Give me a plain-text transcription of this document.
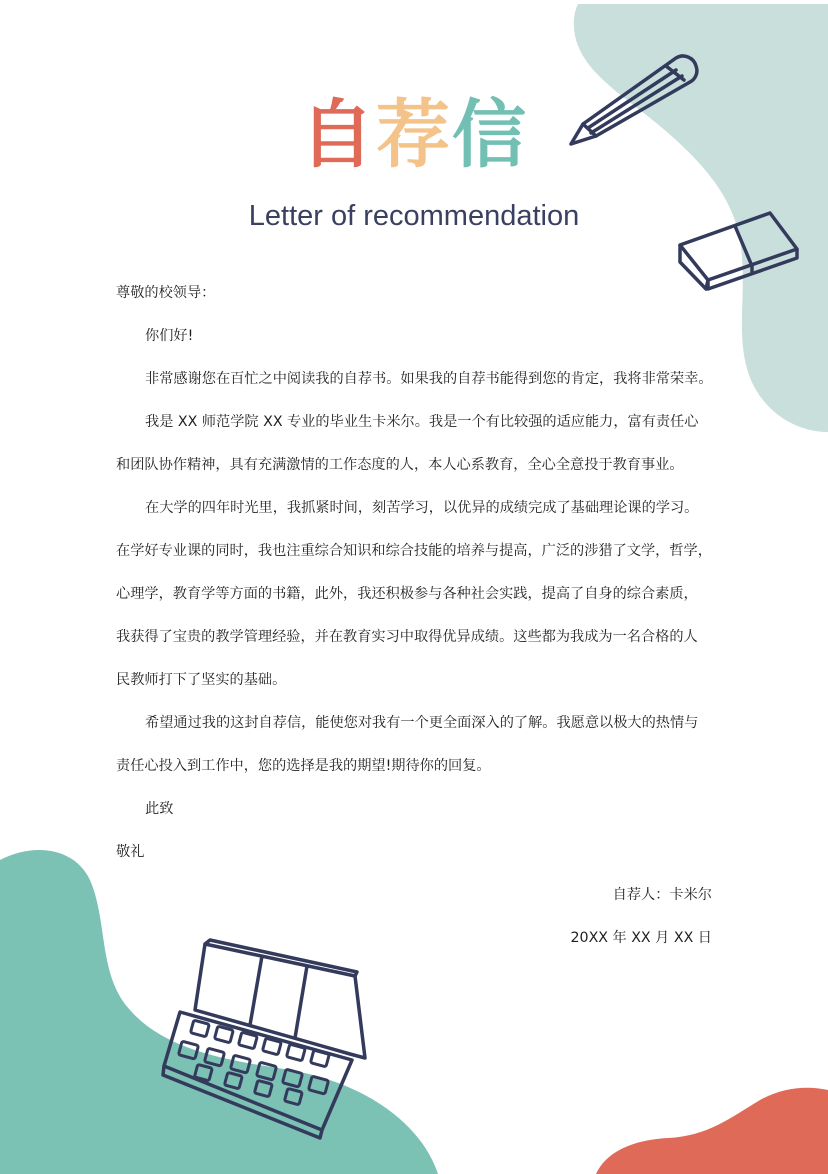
自荐信
Letter of recommendation
尊敬的校领导：
你们好!
非常感谢您在百忙之中阅读我的自荐书。如果我的自荐书能得到您的肯定，我将非常荣幸。
我是 XX 师范学院 XX 专业的毕业生卡米尔。我是一个有比较强的适应能力，富有责任心
和团队协作精神，具有充满激情的工作态度的人，本人心系教育，全心全意投于教育事业。
在大学的四年时光里，我抓紧时间，刻苦学习，以优异的成绩完成了基础理论课的学习。
在学好专业课的同时，我也注重综合知识和综合技能的培养与提高，广泛的涉猎了文学，哲学，
心理学，教育学等方面的书籍，此外，我还积极参与各种社会实践，提高了自身的综合素质，
我获得了宝贵的教学管理经验，并在教育实习中取得优异成绩。这些都为我成为一名合格的人
民教师打下了坚实的基础。
希望通过我的这封自荐信，能使您对我有一个更全面深入的了解。我愿意以极大的热情与
责任心投入到工作中，您的选择是我的期望!期待你的回复。
此致
敬礼
自荐人：卡米尔
20XX 年 XX 月 XX 日
